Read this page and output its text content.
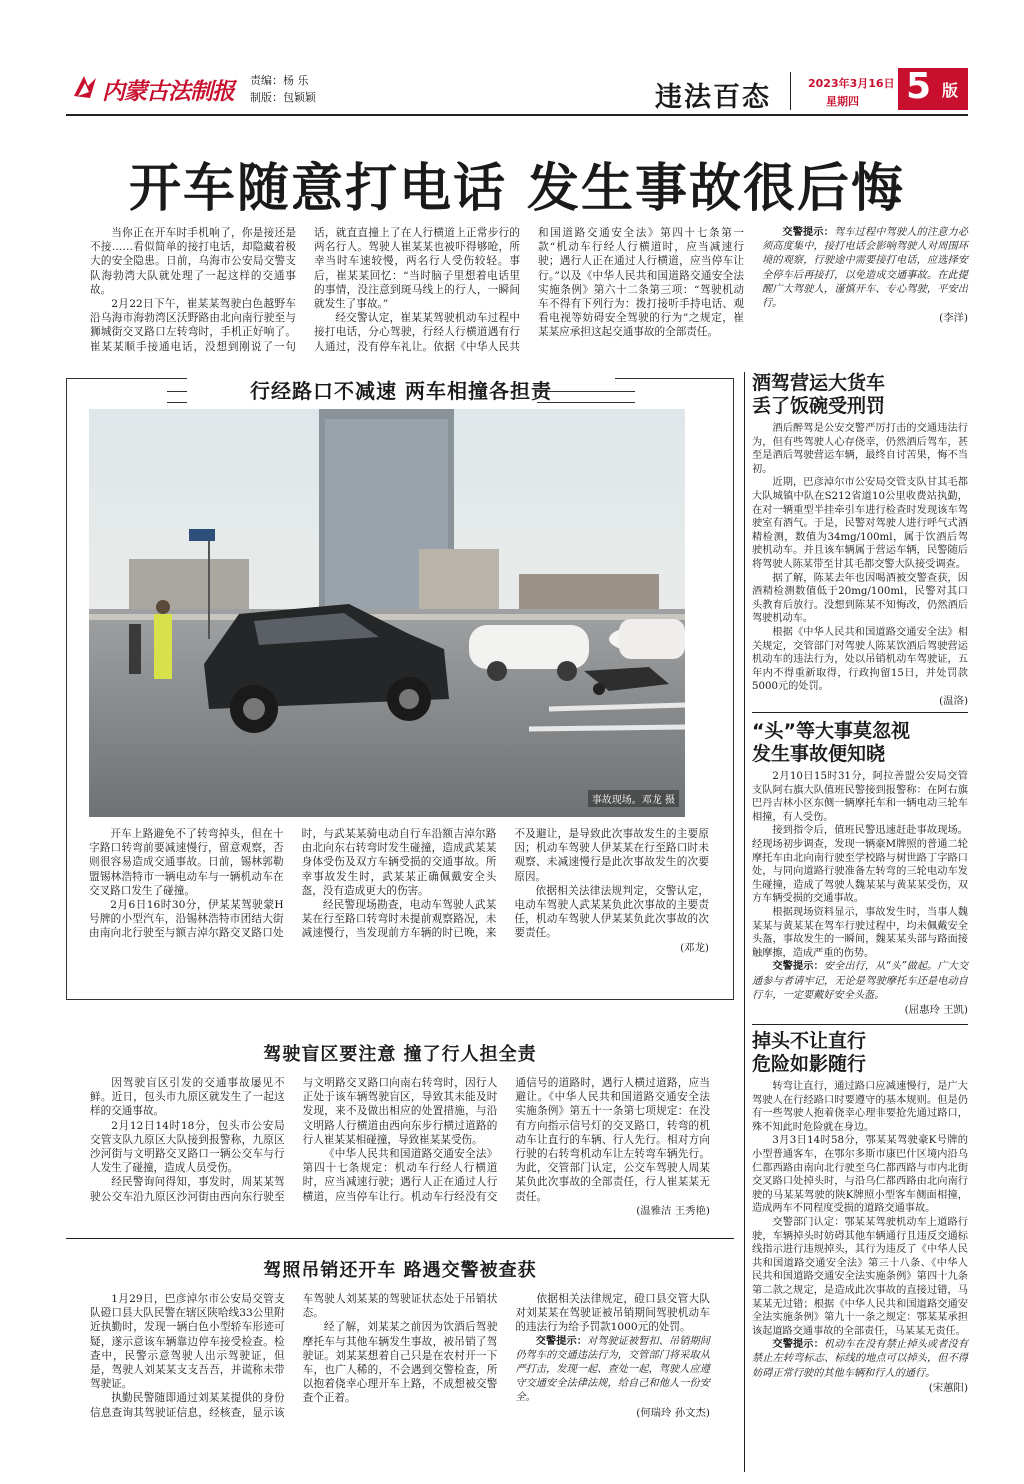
内蒙古法制报 责编：杨 乐
制版：包颖颖	违法百态	2023年3月16日
星期四 5 版
开车随意打电话 发生事故很后悔

当你正在开车时手机响了，你是接还是不接……看似简单的接打电话，却隐藏着极大的安全隐患。日前，乌海市公安局交警支队海勃湾大队就处理了一起这样的交通事故。

2月22日下午，崔某某驾驶白色越野车沿乌海市海勃湾区沃野路由北向南行驶至与狮城街交叉路口左转弯时，手机正好响了。崔某某顺手接通电话，没想到刚说了一句话，就直直撞上了在人行横道上正常步行的两名行人。驾驶人崔某某也被吓得够呛，所幸当时车速较慢，两名行人受伤较轻。事后，崔某某回忆：“当时脑子里想着电话里的事情，没注意到斑马线上的行人，一瞬间就发生了事故。”

经交警认定，崔某某驾驶机动车过程中接打电话，分心驾驶，行经人行横道遇有行人通过，没有停车礼让。依据《中华人民共和国道路交通安全法》第四十七条第一款“机动车行经人行横道时，应当减速行驶；遇行人正在通过人行横道，应当停车让行。”以及《中华人民共和国道路交通安全法实施条例》第六十二条第三项：“驾驶机动车不得有下列行为：拨打接听手持电话、观看电视等妨碍安全驾驶的行为”之规定，崔某某应承担这起交通事故的全部责任。

交警提示：驾车过程中驾驶人的注意力必须高度集中，接打电话会影响驾驶人对周围环境的观察，行驶途中需要接打电话，应选择安全停车后再接打，以免造成交通事故。在此提醒广大驾驶人，谨慎开车、专心驾驶，平安出行。

(李洋)
行经路口不减速 两车相撞各担责
事故现场。邓龙 摄

开车上路避免不了转弯掉头，但在十字路口转弯前要减速慢行，留意观察，否则很容易造成交通事故。日前，锡林郭勒盟锡林浩特市一辆电动车与一辆机动车在交叉路口发生了碰撞。

2月6日16时30分，伊某某驾驶蒙H号牌的小型汽车，沿锡林浩特市团结大街由南向北行驶至与额吉淖尔路交叉路口处时，与武某某骑电动自行车沿额吉淖尔路由北向东右转弯时发生碰撞，造成武某某身体受伤及双方车辆受损的交通事故。所幸事故发生时，武某某正确佩戴安全头盔，没有造成更大的伤害。

经民警现场勘查，电动车驾驶人武某某在行至路口转弯时未提前观察路况，未减速慢行，当发现前方车辆的时已晚，来不及避让，是导致此次事故发生的主要原因；机动车驾驶人伊某某在行至路口时未观察、未减速慢行是此次事故发生的次要原因。

依据相关法律法规判定，交警认定，电动车驾驶人武某某负此次事故的主要责任，机动车驾驶人伊某某负此次事故的次要责任。

(邓龙)
驾驶盲区要注意 撞了行人担全责

因驾驶盲区引发的交通事故屡见不鲜。近日，包头市九原区就发生了一起这样的交通事故。

2月12日14时18分，包头市公安局交管支队九原区大队接到报警称，九原区沙河街与文明路交叉路口一辆公交车与行人发生了碰撞，造成人员受伤。

经民警询问得知，事发时，周某某驾驶公交车沿九原区沙河街由西向东行驶至与文明路交叉路口向南右转弯时，因行人正处于该车辆驾驶盲区，导致其未能及时发现，来不及做出相应的处置措施，与沿文明路人行横道由西向东步行横过道路的行人崔某某相碰撞，导致崔某某受伤。

《中华人民共和国道路交通安全法》第四十七条规定：机动车行经人行横道时，应当减速行驶；遇行人正在通过人行横道，应当停车让行。机动车行经没有交通信号的道路时，遇行人横过道路，应当避让。《中华人民共和国道路交通安全法实施条例》第五十一条第七项规定：在没有方向指示信号灯的交叉路口，转弯的机动车让直行的车辆、行人先行。相对方向行驶的右转弯机动车让左转弯车辆先行。为此，交管部门认定，公交车驾驶人周某某负此次事故的全部责任，行人崔某某无责任。

(温雅洁 王秀艳)
驾照吊销还开车 路遇交警被查获

1月29日，巴彦淖尔市公安局交管支队磴口县大队民警在辖区陕哈线33公里附近执勤时，发现一辆白色小型轿车形迹可疑，遂示意该车辆靠边停车接受检查。检查中，民警示意驾驶人出示驾驶证，但是，驾驶人刘某某支支吾吾，并谎称未带驾驶证。

执勤民警随即通过刘某某提供的身份信息查询其驾驶证信息，经核查，显示该车驾驶人刘某某的驾驶证状态处于吊销状态。

经了解，刘某某之前因为饮酒后驾驶摩托车与其他车辆发生事故，被吊销了驾驶证。刘某某想着自己只是在农村开一下车，也广人稀的，不会遇到交警检查，所以抱着侥幸心理开车上路，不成想被交警查个正着。

依据相关法律规定，磴口县交管大队对刘某某在驾驶证被吊销期间驾驶机动车的违法行为给予罚款1000元的处罚。

交警提示：对驾驶证被暂扣、吊销期间仍驾车的交通违法行为，交管部门将采取从严打击，发现一起、查处一起，驾驶人应遵守交通安全法律法规，给自己和他人一份安全。

(何瑞玲 孙文杰)
酒驾营运大货车
丢了饭碗受刑罚

酒后醉驾是公安交警严厉打击的交通违法行为，但有些驾驶人心存侥幸，仍然酒后驾车，甚至是酒后驾驶营运车辆，最终自讨苦果，悔不当初。

近期，巴彦淖尔市公安局交管支队甘其毛都大队城镇中队在S212省道10公里收费站执勤，在对一辆重型半挂牵引车进行检查时发现该车驾驶室有酒气。于是，民警对驾驶人进行呼气式酒精检测，数值为34mg/100ml，属于饮酒后驾驶机动车。并且该车辆属于营运车辆，民警随后将驾驶人陈某带至甘其毛都交警大队接受调查。

据了解，陈某去年也因喝酒被交警查获，因酒精检测数值低于20mg/100ml，民警对其口头教育后放行。没想到陈某不知悔改，仍然酒后驾驶机动车。

根据《中华人民共和国道路交通安全法》相关规定，交管部门对驾驶人陈某饮酒后驾驶营运机动车的违法行为，处以吊销机动车驾驶证，五年内不得重新取得，行政拘留15日，并处罚款5000元的处罚。

(温洛)
“头”等大事莫忽视
发生事故便知晓

2月10日15时31分，阿拉善盟公安局交管支队阿右旗大队值班民警接到报警称：在阿右旗巴丹吉林小区东侧一辆摩托车和一辆电动三轮车相撞，有人受伤。

接到指令后，值班民警迅速赶赴事故现场。经现场初步调查，发现一辆豪M牌照的普通二轮摩托车由北向南行驶至学校路与树世路丁字路口处，与同向道路行驶准备左转弯的三轮电动车发生碰撞，造成了驾驶人魏某某与黄某某受伤，双方车辆受损的交通事故。

根据现场资料显示，事故发生时，当事人魏某某与黄某某在驾车行驶过程中，均未佩戴安全头盔，事故发生的一瞬间，魏某某头部与路面接触摩擦，造成严重的伤势。

交警提示：安全出行，从“头”做起。广大交通参与者请牢记，无论是驾驶摩托车还是电动自行车，一定要戴好安全头盔。

(屈惠玲 王凯)
掉头不让直行
危险如影随行

转弯让直行，通过路口应减速慢行，是广大驾驶人在行经路口时要遵守的基本规则。但是仍有一些驾驶人抱着侥幸心理非要抢先通过路口，殊不知此时危险就在身边。

3月3日14时58分，鄂某某驾驶豪K号牌的小型普通客车，在鄂尔多斯市康巴什区境内沿乌仁都西路由南向北行驶至乌仁都西路与市内北街交叉路口处掉头时，与沿乌仁都西路由北向南行驶的马某某驾驶的陕K牌照小型客车侧面相撞，造成两车不同程度受损的道路交通事故。

交警部门认定：鄂某某驾驶机动车上道路行驶，车辆掉头时妨碍其他车辆通行且违反交通标线指示进行违规掉头，其行为违反了《中华人民共和国道路交通安全法》第三十八条、《中华人民共和国道路交通安全法实施条例》第四十九条第二款之规定，是造成此次事故的直接过错，马某某无过错；根据《中华人民共和国道路交通安全法实施条例》第九十一条之规定：鄂某某承担该起道路交通事故的全部责任，马某某无责任。

交警提示：机动车在没有禁止掉头或者没有禁止左转弯标志、标线的地点可以掉头，但不得妨碍正常行驶的其他车辆和行人的通行。

(宋蕙阳)
